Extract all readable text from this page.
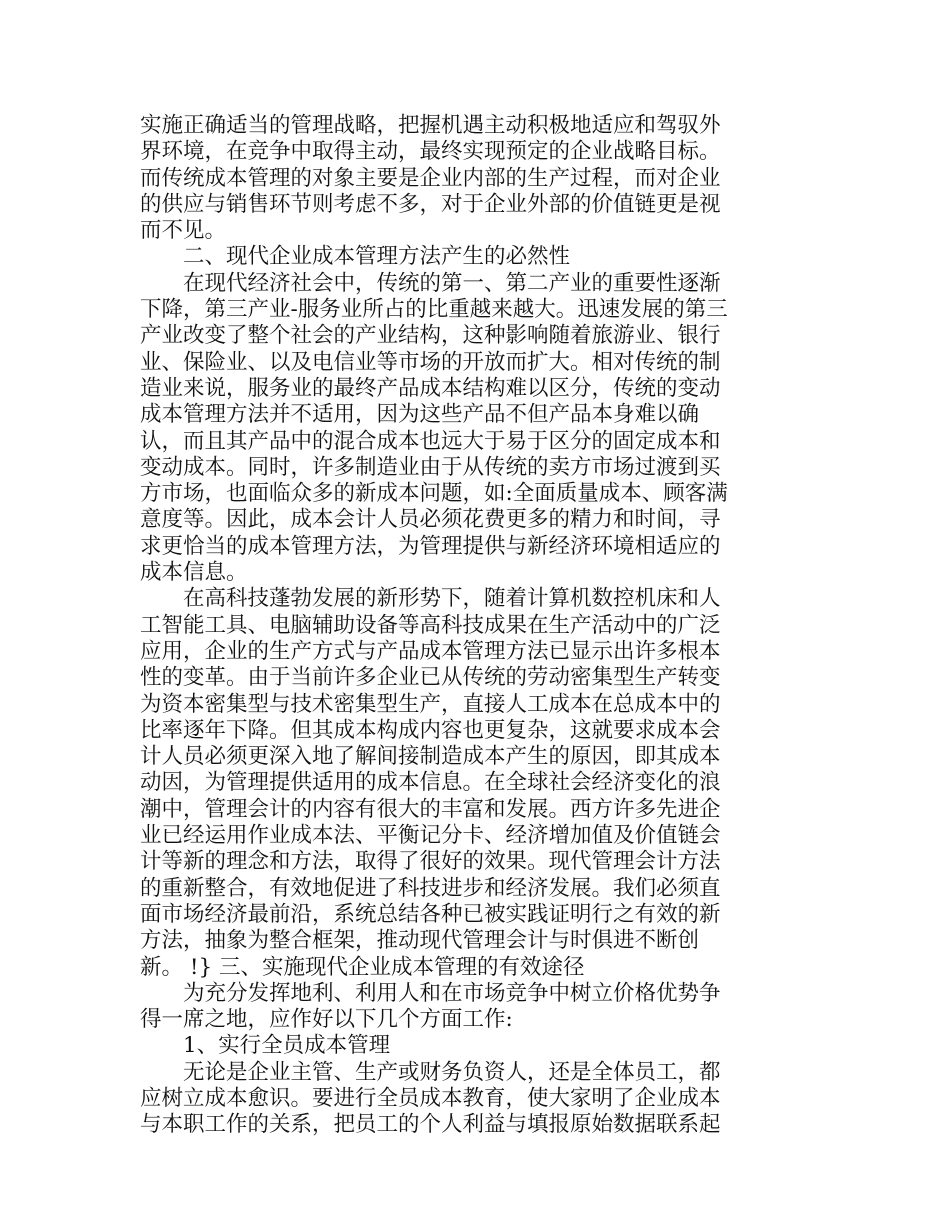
实施正确适当的管理战略，把握机遇主动积极地适应和驾驭外
界环境，在竞争中取得主动，最终实现预定的企业战略目标。
而传统成本管理的对象主要是企业内部的生产过程，而对企业
的供应与销售环节则考虑不多，对于企业外部的价值链更是视
而不见。
二、现代企业成本管理方法产生的必然性
在现代经济社会中，传统的第一、第二产业的重要性逐渐
下降，第三产业-服务业所占的比重越来越大。迅速发展的第三
产业改变了整个社会的产业结构，这种影响随着旅游业、银行
业、保险业、以及电信业等市场的开放而扩大。相对传统的制
造业来说，服务业的最终产品成本结构难以区分，传统的变动
成本管理方法并不适用，因为这些产品不但产品本身难以确
认，而且其产品中的混合成本也远大于易于区分的固定成本和
变动成本。同时，许多制造业由于从传统的卖方市场过渡到买
方市场，也面临众多的新成本问题，如:全面质量成本、顾客满
意度等。因此，成本会计人员必须花费更多的精力和时间，寻
求更恰当的成本管理方法，为管理提供与新经济环境相适应的
成本信息。
在高科技蓬勃发展的新形势下，随着计算机数控机床和人
工智能工具、电脑辅助设备等高科技成果在生产活动中的广泛
应用，企业的生产方式与产品成本管理方法已显示出许多根本
性的变革。由于当前许多企业已从传统的劳动密集型生产转变
为资本密集型与技术密集型生产，直接人工成本在总成本中的
比率逐年下降。但其成本构成内容也更复杂，这就要求成本会
计人员必须更深入地了解间接制造成本产生的原因，即其成本
动因，为管理提供适用的成本信息。在全球社会经济变化的浪
潮中，管理会计的内容有很大的丰富和发展。西方许多先进企
业已经运用作业成本法、平衡记分卡、经济增加值及价值链会
计等新的理念和方法，取得了很好的效果。现代管理会计方法
的重新整合，有效地促进了科技进步和经济发展。我们必须直
面市场经济最前沿，系统总结各种已被实践证明行之有效的新
方法，抽象为整合框架，推动现代管理会计与时俱进不断创
新。 !} 三、实施现代企业成本管理的有效途径
为充分发挥地利、利用人和在市场竞争中树立价格优势争
得一席之地，应作好以下几个方面工作:
1、实行全员成本管理
无论是企业主管、生产或财务负资人，还是全体员工，都
应树立成本愈识。要进行全员成本教育，使大家明了企业成本
与本职工作的关系，把员工的个人利益与填报原始数据联系起
